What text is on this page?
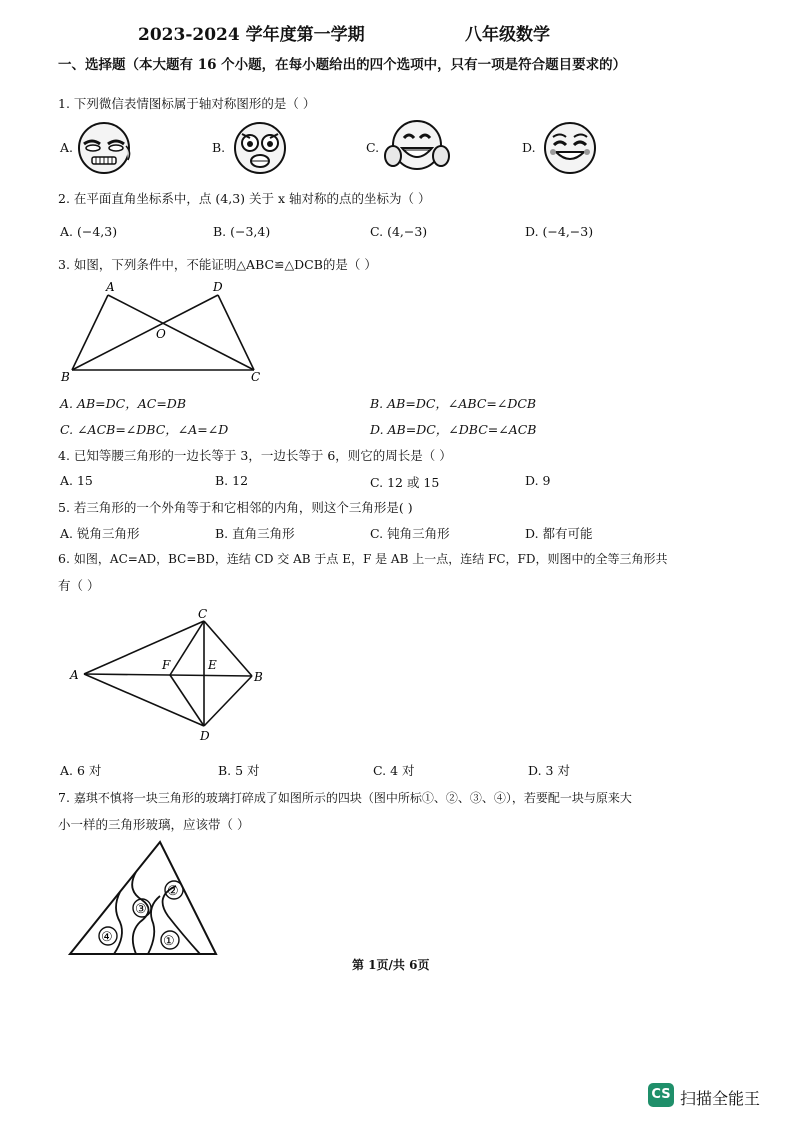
2023-2024 学年度第一学期	八年级数学
一、选择题（本大题有 16 个小题，在每小题给出的四个选项中，只有一项是符合题目要求的）
1. 下列微信表情图标属于轴对称图形的是（ ）
A.	B.	C.	D.
2. 在平面直角坐标系中，点 (4,3) 关于 x 轴对称的点的坐标为（ ）
A. (−4,3)	B. (−3,4)	C. (4,−3)	D. (−4,−3)
3. 如图，下列条件中，不能证明△ABC≌△DCB的是（ ）
A	D
O
B	C
A. AB=DC，AC=DB	B. AB=DC，∠ABC=∠DCB
C. ∠ACB=∠DBC，∠A=∠D	D. AB=DC，∠DBC=∠ACB
4. 已知等腰三角形的一边长等于 3，一边长等于 6，则它的周长是（ ）
A. 15	B. 12	C. 12 或 15	D. 9
5. 若三角形的一个外角等于和它相邻的内角，则这个三角形是( )
A. 锐角三角形	B. 直角三角形	C. 钝角三角形	D. 都有可能
6. 如图，AC=AD，BC=BD，连结 CD 交 AB 于点 E，F 是 AB 上一点，连结 FC，FD，则图中的全等三角形共
有（ ）
C
A
F	E
B
D
A. 6 对	B. 5 对	C. 4 对	D. 3 对
7. 嘉琪不慎将一块三角形的玻璃打碎成了如图所示的四块（图中所标①、②、③、④），若要配一块与原来大
小一样的三角形玻璃，应该带（ ）
②
③
④	①
第 1页/共 6页
CS 扫描全能王
